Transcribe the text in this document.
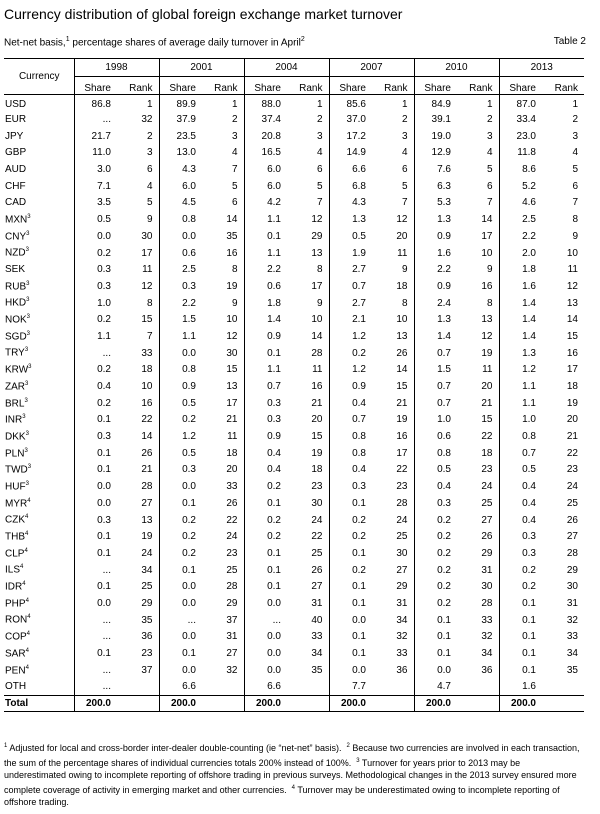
Currency distribution of global foreign exchange market turnover
Net-net basis,$^1$ percentage shares of average daily turnover in April$^2$	Table 2
Currency	1998		2001		2004		2007		2010		2013	
	Share	Rank	Share	Rank	Share	Rank	Share	Rank	Share	Rank	Share	Rank
USD	86.8	1	89.9	1	88.0	1	85.6	1	84.9	1	87.0	1
EUR	...	32	37.9	2	37.4	2	37.0	2	39.1	2	33.4	2
JPY	21.7	2	23.5	3	20.8	3	17.2	3	19.0	3	23.0	3
GBP	11.0	3	13.0	4	16.5	4	14.9	4	12.9	4	11.8	4
AUD	3.0	6	4.3	7	6.0	6	6.6	6	7.6	5	8.6	5
CHF	7.1	4	6.0	5	6.0	5	6.8	5	6.3	6	5.2	6
CAD	3.5	5	4.5	6	4.2	7	4.3	7	5.3	7	4.6	7
MXN$^3$	0.5	9	0.8	14	1.1	12	1.3	12	1.3	14	2.5	8
CNY$^3$	0.0	30	0.0	35	0.1	29	0.5	20	0.9	17	2.2	9
NZD$^3$	0.2	17	0.6	16	1.1	13	1.9	11	1.6	10	2.0	10
SEK	0.3	11	2.5	8	2.2	8	2.7	9	2.2	9	1.8	11
RUB$^3$	0.3	12	0.3	19	0.6	17	0.7	18	0.9	16	1.6	12
HKD$^3$	1.0	8	2.2	9	1.8	9	2.7	8	2.4	8	1.4	13
NOK$^3$	0.2	15	1.5	10	1.4	10	2.1	10	1.3	13	1.4	14
SGD$^3$	1.1	7	1.1	12	0.9	14	1.2	13	1.4	12	1.4	15
TRY$^3$	...	33	0.0	30	0.1	28	0.2	26	0.7	19	1.3	16
KRW$^3$	0.2	18	0.8	15	1.1	11	1.2	14	1.5	11	1.2	17
ZAR$^3$	0.4	10	0.9	13	0.7	16	0.9	15	0.7	20	1.1	18
BRL$^3$	0.2	16	0.5	17	0.3	21	0.4	21	0.7	21	1.1	19
INR$^3$	0.1	22	0.2	21	0.3	20	0.7	19	1.0	15	1.0	20
DKK$^3$	0.3	14	1.2	11	0.9	15	0.8	16	0.6	22	0.8	21
PLN$^3$	0.1	26	0.5	18	0.4	19	0.8	17	0.8	18	0.7	22
TWD$^3$	0.1	21	0.3	20	0.4	18	0.4	22	0.5	23	0.5	23
HUF$^3$	0.0	28	0.0	33	0.2	23	0.3	23	0.4	24	0.4	24
MYR$^4$	0.0	27	0.1	26	0.1	30	0.1	28	0.3	25	0.4	25
CZK$^4$	0.3	13	0.2	22	0.2	24	0.2	24	0.2	27	0.4	26
THB$^4$	0.1	19	0.2	24	0.2	22	0.2	25	0.2	26	0.3	27
CLP$^4$	0.1	24	0.2	23	0.1	25	0.1	30	0.2	29	0.3	28
ILS$^4$	...	34	0.1	25	0.1	26	0.2	27	0.2	31	0.2	29
IDR$^4$	0.1	25	0.0	28	0.1	27	0.1	29	0.2	30	0.2	30
PHP$^4$	0.0	29	0.0	29	0.0	31	0.1	31	0.2	28	0.1	31
RON$^4$	...	35	...	37	...	40	0.0	34	0.1	33	0.1	32
COP$^4$	...	36	0.0	31	0.0	33	0.1	32	0.1	32	0.1	33
SAR$^4$	0.1	23	0.1	27	0.0	34	0.1	33	0.1	34	0.1	34
PEN$^4$	...	37	0.0	32	0.0	35	0.0	36	0.0	36	0.1	35
OTH	...		6.6		6.6		7.7		4.7		1.6	
Total	200.0		200.0		200.0		200.0		200.0		200.0	
$^1$ Adjusted for local and cross-border inter-dealer double-counting (ie “net-net” basis). $^2$ Because two currencies are involved in each transaction, the sum of the percentage shares of individual currencies totals 200% instead of 100%. $^3$ Turnover for years prior to 2013 may be underestimated owing to incomplete reporting of offshore trading in previous surveys. Methodological changes in the 2013 survey ensured more complete coverage of activity in emerging market and other currencies. $^4$ Turnover may be underestimated owing to incomplete reporting of offshore trading.
